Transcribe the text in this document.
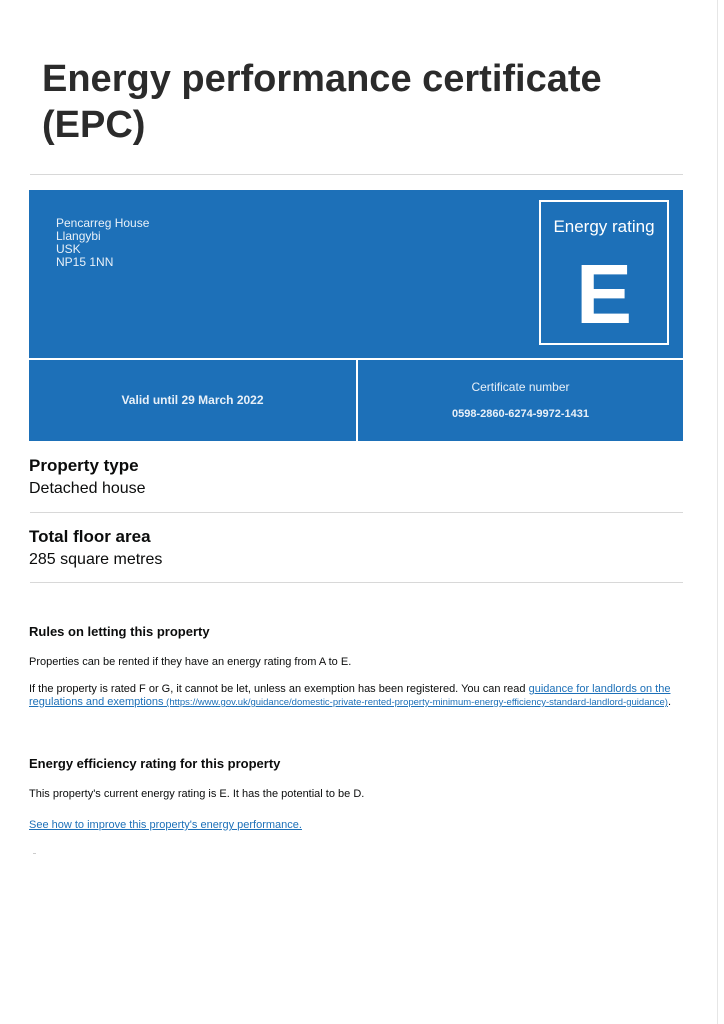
Energy performance certificate (EPC)
Pencarreg House
Llangybi
USK
NP15 1NN
Energy rating
E
Valid until 29 March 2022
Certificate number
0598-2860-6274-9972-1431
Property type

Detached house

Total floor area

285 square metres

Rules on letting this property

Properties can be rented if they have an energy rating from A to E.

If the property is rated F or G, it cannot be let, unless an exemption has been registered. You can read guidance for landlords on the regulations and exemptions (https://www.gov.uk/guidance/domestic-private-rented-property-minimum-energy-efficiency-standard-landlord-guidance).

Energy efficiency rating for this property

This property's current energy rating is E. It has the potential to be D.

See how to improve this property's energy performance.
